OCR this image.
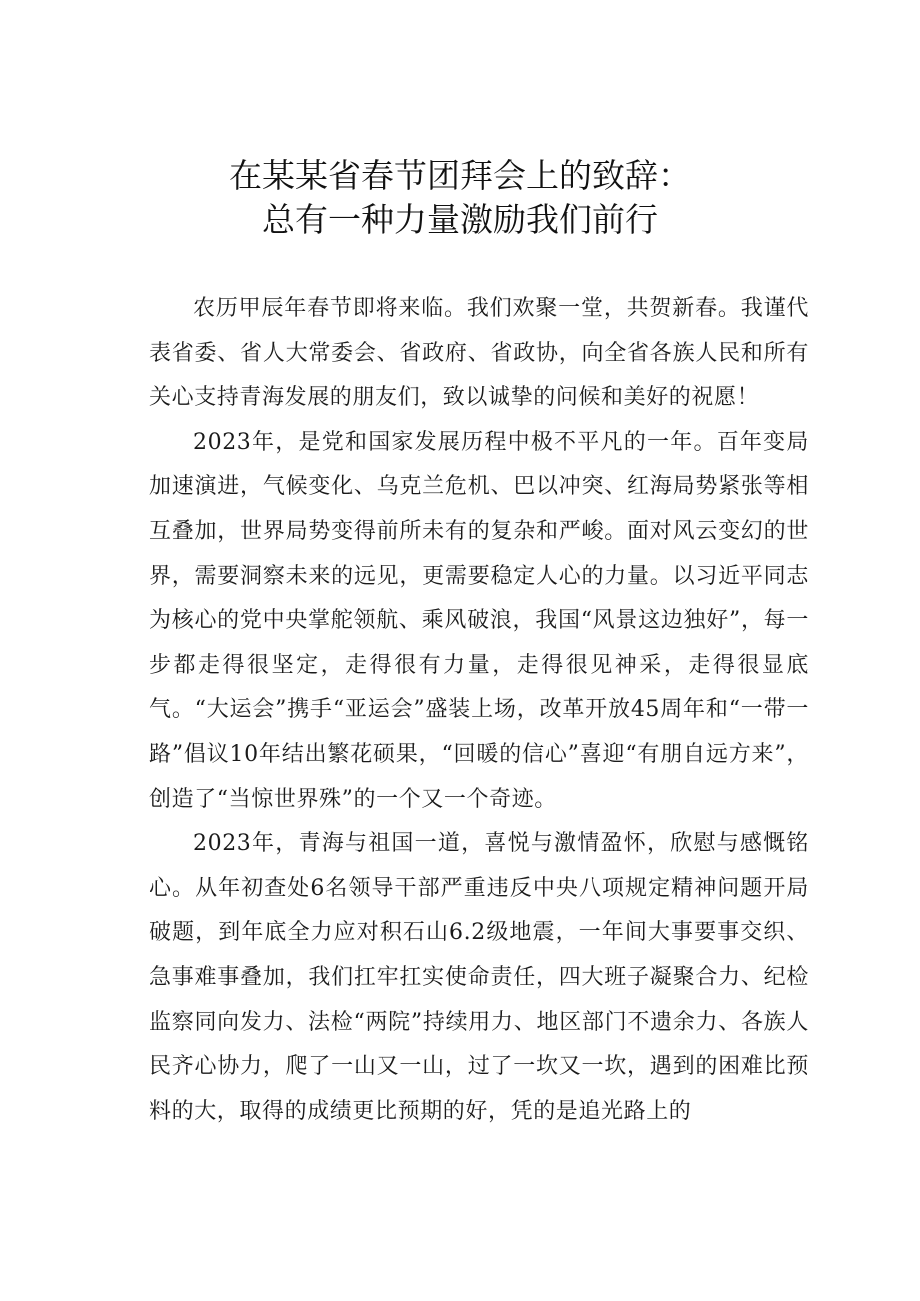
在某某省春节团拜会上的致辞：
总有一种力量激励我们前行

农历甲辰年春节即将来临。我们欢聚一堂，共贺新春。我谨代表省委、省人大常委会、省政府、省政协，向全省各族人民和所有关心支持青海发展的朋友们，致以诚挚的问候和美好的祝愿！

2023年，是党和国家发展历程中极不平凡的一年。百年变局加速演进，气候变化、乌克兰危机、巴以冲突、红海局势紧张等相互叠加，世界局势变得前所未有的复杂和严峻。面对风云变幻的世界，需要洞察未来的远见，更需要稳定人心的力量。以习近平同志为核心的党中央掌舵领航、乘风破浪，我国“风景这边独好”，每一步都走得很坚定，走得很有力量，走得很见神采，走得很显底气。“大运会”携手“亚运会”盛装上场，改革开放45周年和“一带一路”倡议10年结出繁花硕果，“回暖的信心”喜迎“有朋自远方来”，创造了“当惊世界殊”的一个又一个奇迹。

2023年，青海与祖国一道，喜悦与激情盈怀，欣慰与感慨铭心。从年初查处6名领导干部严重违反中央八项规定精神问题开局破题，到年底全力应对积石山6.2级地震，一年间大事要事交织、急事难事叠加，我们扛牢扛实使命责任，四大班子凝聚合力、纪检监察同向发力、法检“两院”持续用力、地区部门不遗余力、各族人民齐心协力，爬了一山又一山，过了一坎又一坎，遇到的困难比预料的大，取得的成绩更比预期的好，凭的是追光路上的
